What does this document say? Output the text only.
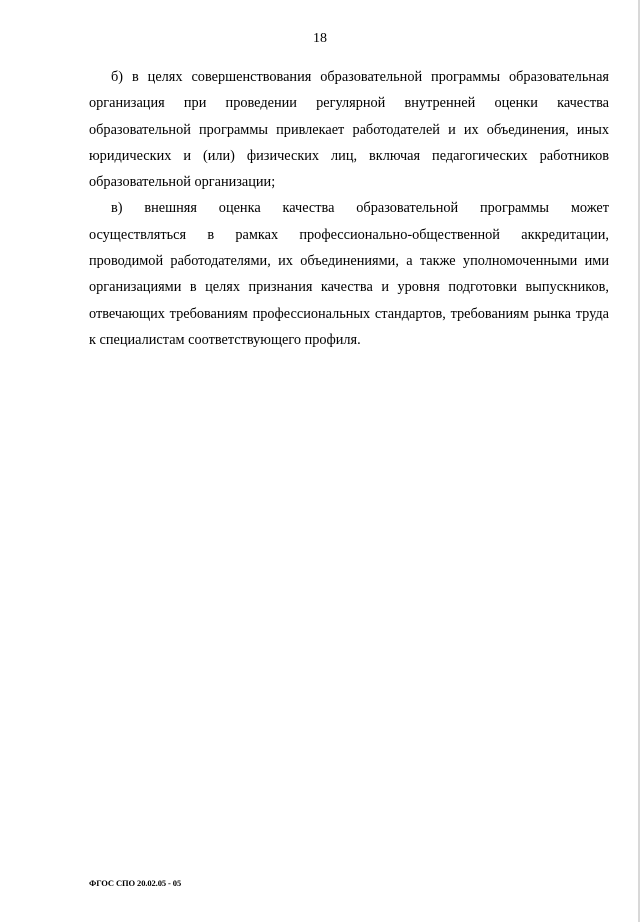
18
б) в целях совершенствования образовательной программы образовательная
организация при проведении регулярной внутренней оценки качества
образовательной программы привлекает работодателей и их объединения, иных
юридических и (или) физических лиц, включая педагогических работников
образовательной организации;
в) внешняя оценка качества образовательной программы может
осуществляться в рамках профессионально-общественной аккредитации,
проводимой работодателями, их объединениями, а также уполномоченными ими
организациями в целях признания качества и уровня подготовки выпускников,
отвечающих требованиям профессиональных стандартов, требованиям рынка труда
к специалистам соответствующего профиля.
ФГОС СПО 20.02.05 - 05
